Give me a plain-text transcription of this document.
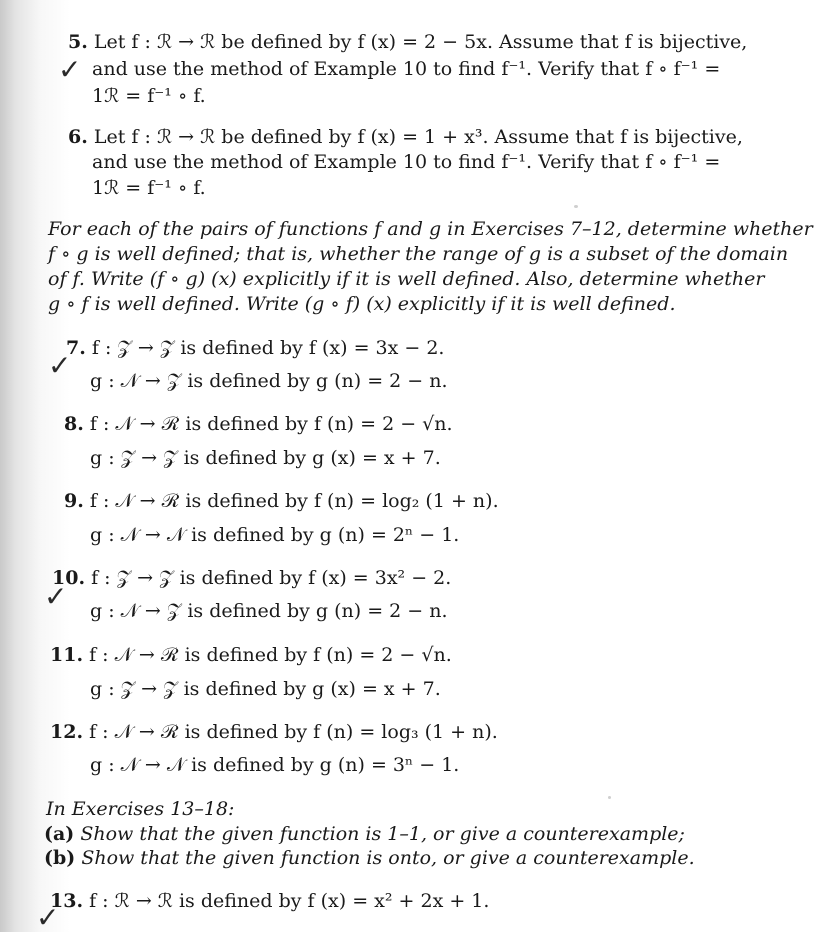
5. Let f : ℛ → ℛ be defined by f (x) = 2 − 5x. Assume that f is bijective,
and use the method of Example 10 to find f⁻¹. Verify that f ∘ f⁻¹ =
1ℛ = f⁻¹ ∘ f.
6. Let f : ℛ → ℛ be defined by f (x) = 1 + x³. Assume that f is bijective,
and use the method of Example 10 to find f⁻¹. Verify that f ∘ f⁻¹ =
1ℛ = f⁻¹ ∘ f.
For each of the pairs of functions f and g in Exercises 7–12, determine whether
f ∘ g is well defined; that is, whether the range of g is a subset of the domain
of f. Write (f ∘ g) (x) explicitly if it is well defined. Also, determine whether
g ∘ f is well defined. Write (g ∘ f) (x) explicitly if it is well defined.
7. f : 𝒵 → 𝒵 is defined by f (x) = 3x − 2.
g : 𝒩 → 𝒵 is defined by g (n) = 2 − n.
8. f : 𝒩 → ℛ is defined by f (n) = 2 − √n.
g : 𝒵 → 𝒵 is defined by g (x) = x + 7.
9. f : 𝒩 → ℛ is defined by f (n) = log₂ (1 + n).
g : 𝒩 → 𝒩 is defined by g (n) = 2ⁿ − 1.
10. f : 𝒵 → 𝒵 is defined by f (x) = 3x² − 2.
g : 𝒩 → 𝒵 is defined by g (n) = 2 − n.
11. f : 𝒩 → ℛ is defined by f (n) = 2 − √n.
g : 𝒵 → 𝒵 is defined by g (x) = x + 7.
12. f : 𝒩 → ℛ is defined by f (n) = log₃ (1 + n).
g : 𝒩 → 𝒩 is defined by g (n) = 3ⁿ − 1.
In Exercises 13–18:
(a) Show that the given function is 1–1, or give a counterexample;
(b) Show that the given function is onto, or give a counterexample.
13. f : ℛ → ℛ is defined by f (x) = x² + 2x + 1.
✓
✓
✓
✓
